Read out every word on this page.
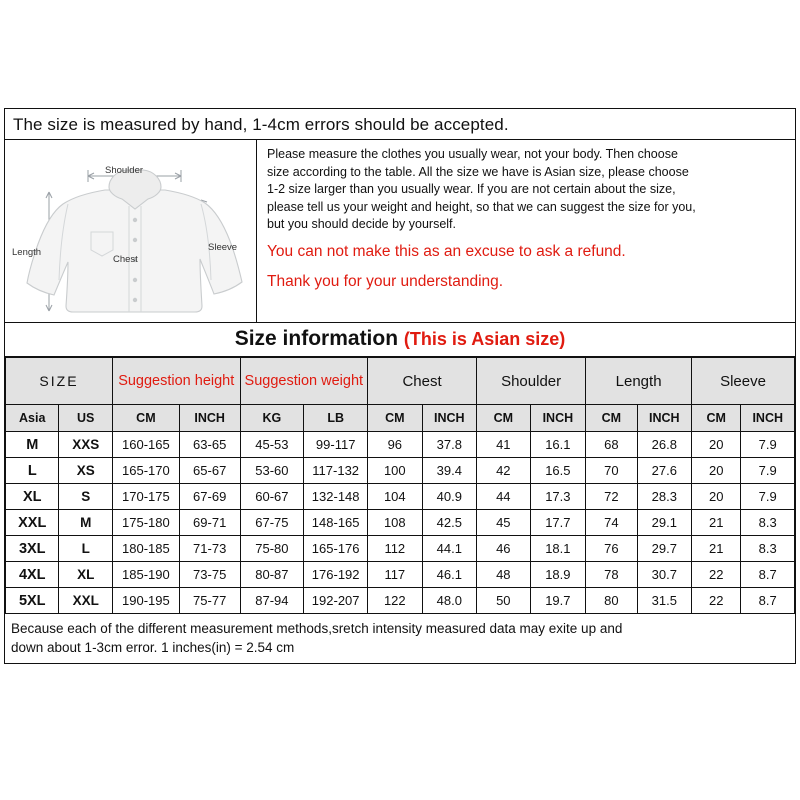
The size is measured by hand, 1-4cm errors should be accepted.
Shoulder
Length	Sleeve
Chest
Please measure the clothes you usually wear, not your body. Then choose
size according to the table. All the size we have is Asian size, please choose
1-2 size larger than you usually wear. If you are not certain about the size,
please tell us your weight and height, so that we can suggest the size for you,
but you should decide by yourself.
You can not make this as an excuse to ask a refund.
Thank you for your understanding.
Size information (This is Asian size)
SIZE		Suggestion height		Suggestion weight		Chest		Shoulder		Length		Sleeve	
Asia	US	CM	INCH	KG	LB	CM	INCH	CM	INCH	CM	INCH	CM	INCH
M	XXS	160-165	63-65	45-53	99-117	96	37.8	41	16.1	68	26.8	20	7.9
L	XS	165-170	65-67	53-60	117-132	100	39.4	42	16.5	70	27.6	20	7.9
XL	S	170-175	67-69	60-67	132-148	104	40.9	44	17.3	72	28.3	20	7.9
XXL	M	175-180	69-71	67-75	148-165	108	42.5	45	17.7	74	29.1	21	8.3
3XL	L	180-185	71-73	75-80	165-176	112	44.1	46	18.1	76	29.7	21	8.3
4XL	XL	185-190	73-75	80-87	176-192	117	46.1	48	18.9	78	30.7	22	8.7
5XL	XXL	190-195	75-77	87-94	192-207	122	48.0	50	19.7	80	31.5	22	8.7
Because each of the different measurement methods,sretch intensity measured data may exite up and
down about 1-3cm error. 1 inches(in) = 2.54 cm
